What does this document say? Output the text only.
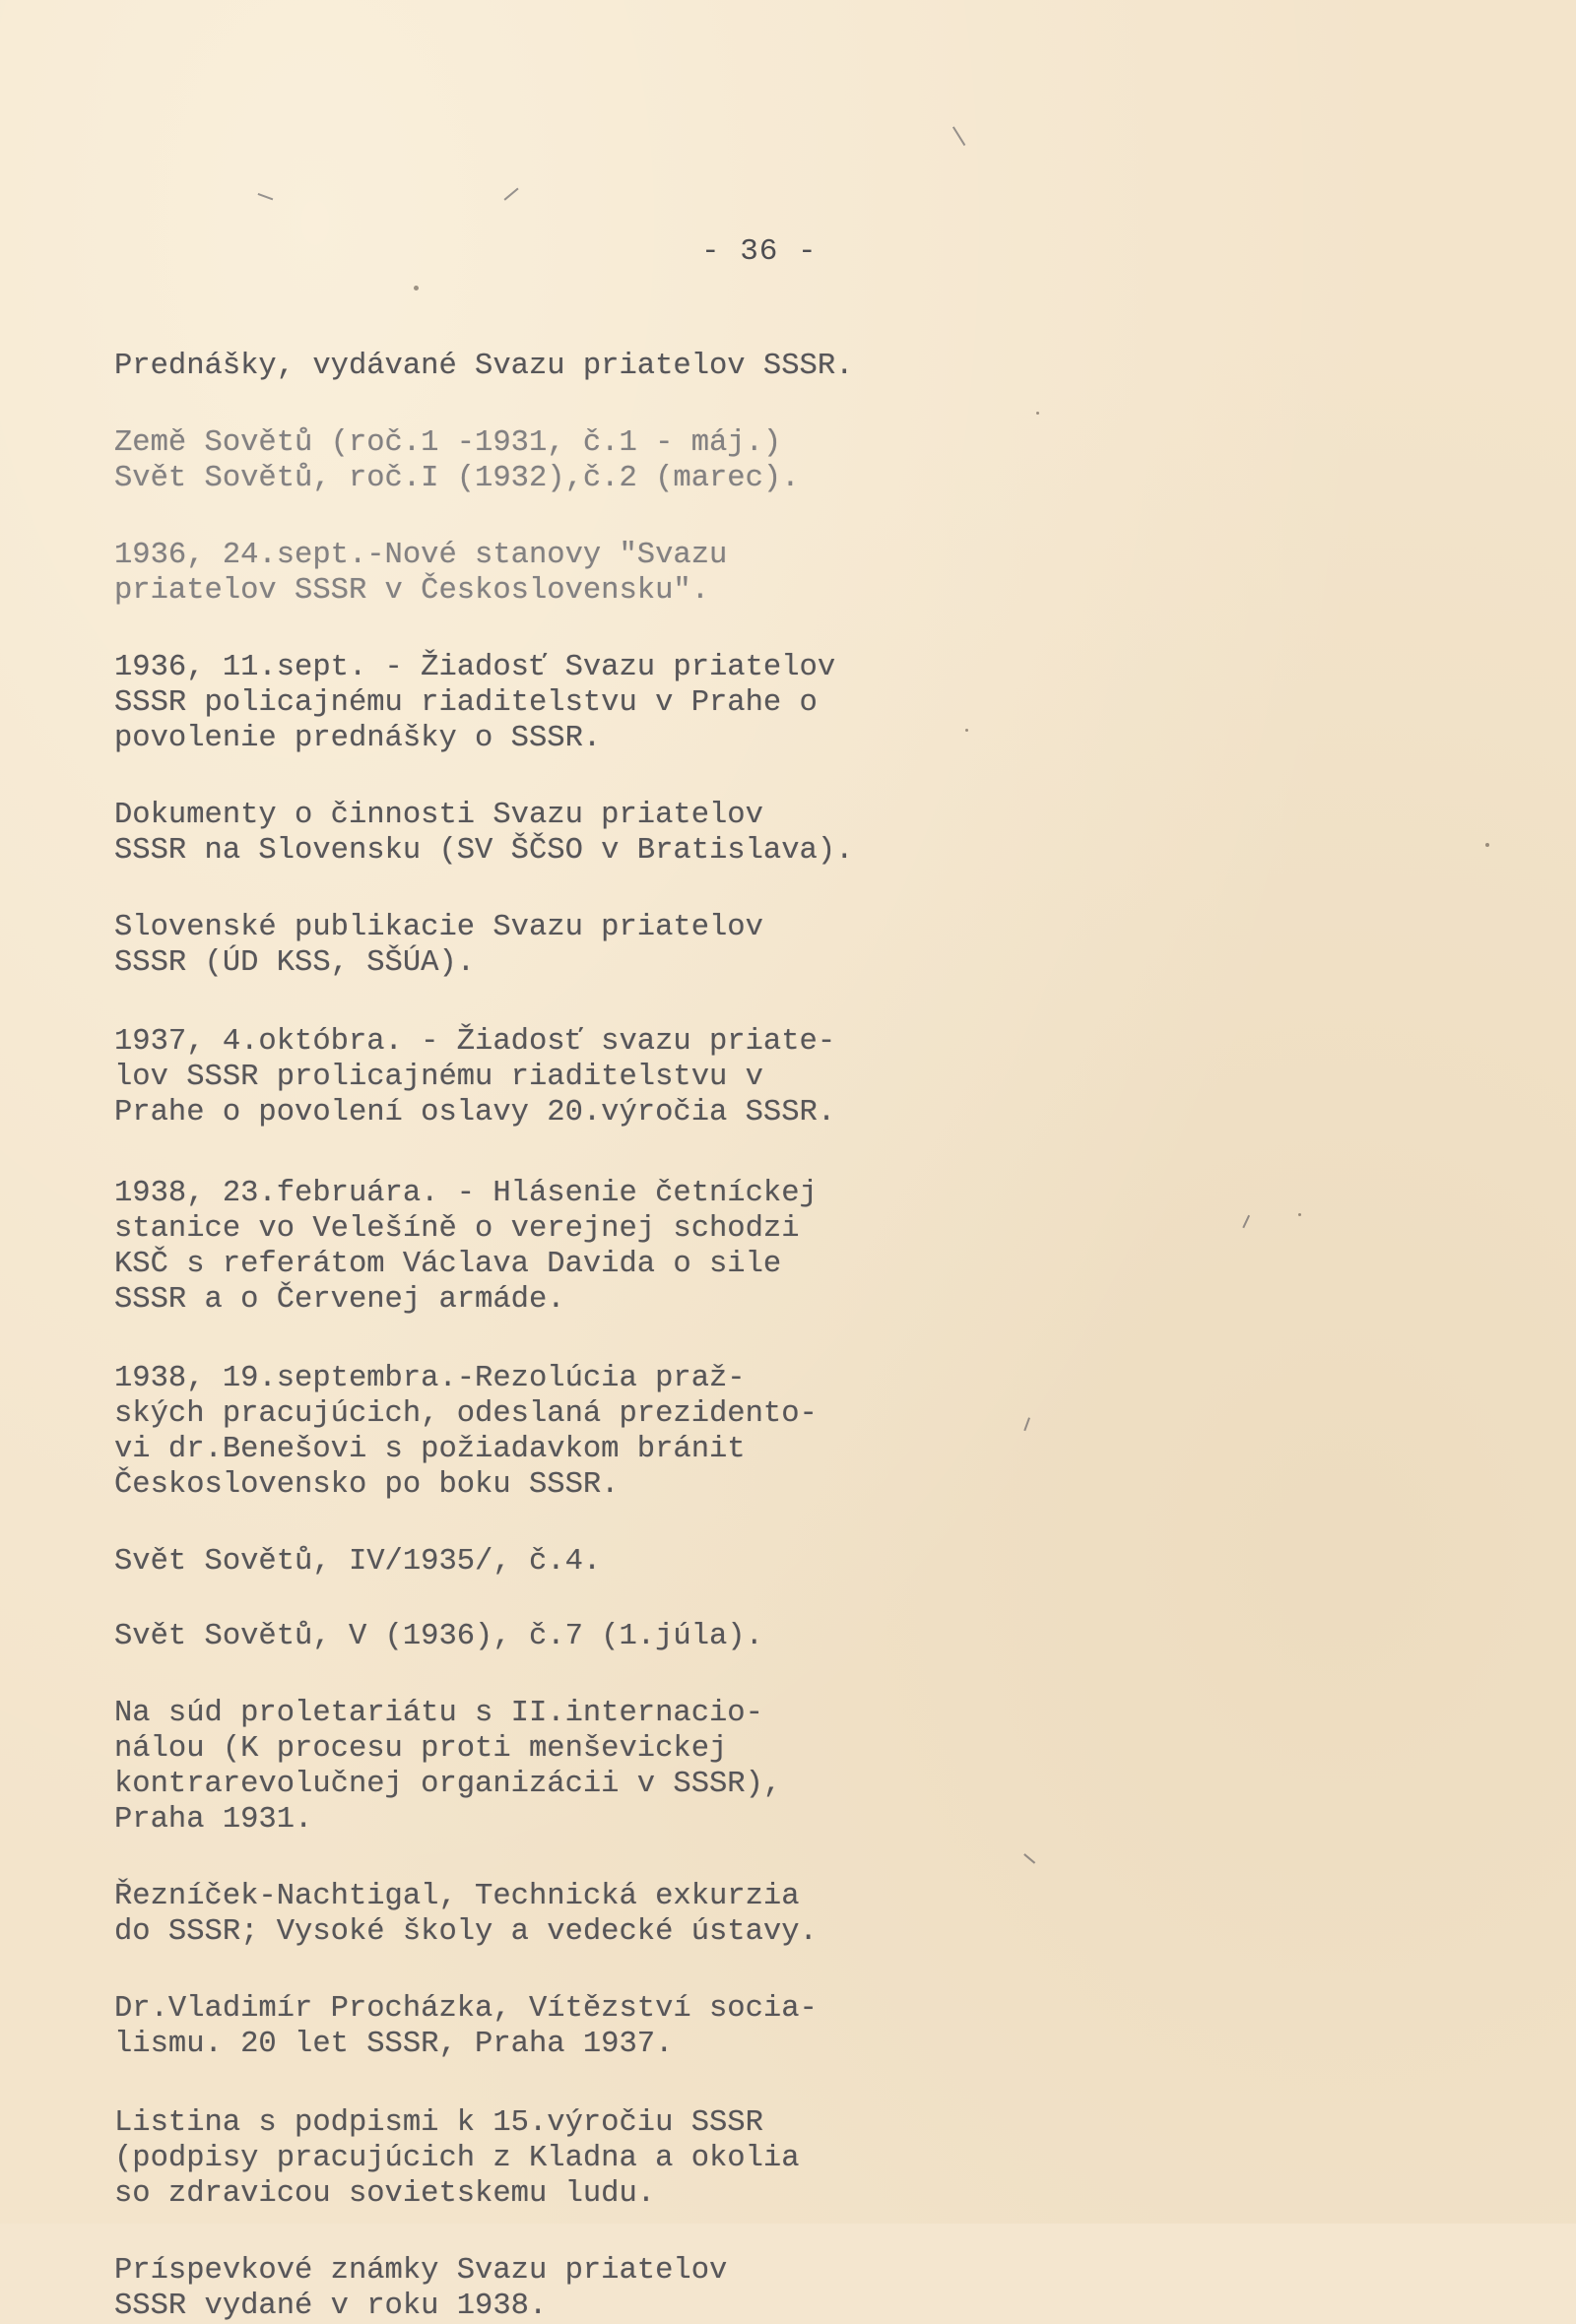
- 36 -
Prednášky, vydávané Svazu priatelov SSSR.
Země Sovětů (roč.1 -1931, č.1 - máj.)
Svět Sovětů, roč.I (1932),č.2 (marec).
1936, 24.sept.-Nové stanovy "Svazu
priatelov SSSR v Československu".
1936, 11.sept. - Žiadosť Svazu priatelov
SSSR policajnému riaditelstvu v Prahe o
povolenie prednášky o SSSR.
Dokumenty o činnosti Svazu priatelov
SSSR na Slovensku (SV ŠČSO v Bratislava).
Slovenské publikacie Svazu priatelov
SSSR (ÚD KSS, SŠÚA).
1937, 4.októbra. - Žiadosť svazu priate-
lov SSSR prolicajnému riaditelstvu v
Prahe o povolení oslavy 20.výročia SSSR.
1938, 23.februára. - Hlásenie četníckej
stanice vo Velešíně o verejnej schodzi
KSČ s referátom Václava Davida o sile
SSSR a o Červenej armáde.
1938, 19.septembra.-Rezolúcia praž-
ských pracujúcich, odeslaná prezidento-
vi dr.Benešovi s požiadavkom bránit
Československo po boku SSSR.
Svět Sovětů, IV/1935/, č.4.
Svět Sovětů, V (1936), č.7 (1.júla).
Na súd proletariátu s II.internacio-
nálou (K procesu proti menševickej
kontrarevolučnej organizácii v SSSR),
Praha 1931.
Řezníček-Nachtigal, Technická exkurzia
do SSSR; Vysoké školy a vedecké ústavy.
Dr.Vladimír Procházka, Vítězství socia-
lismu. 20 let SSSR, Praha 1937.
Listina s podpismi k 15.výročiu SSSR
(podpisy pracujúcich z Kladna a okolia
so zdravicou sovietskemu ludu.
Príspevkové známky Svazu priatelov
SSSR vydané v roku 1938.
